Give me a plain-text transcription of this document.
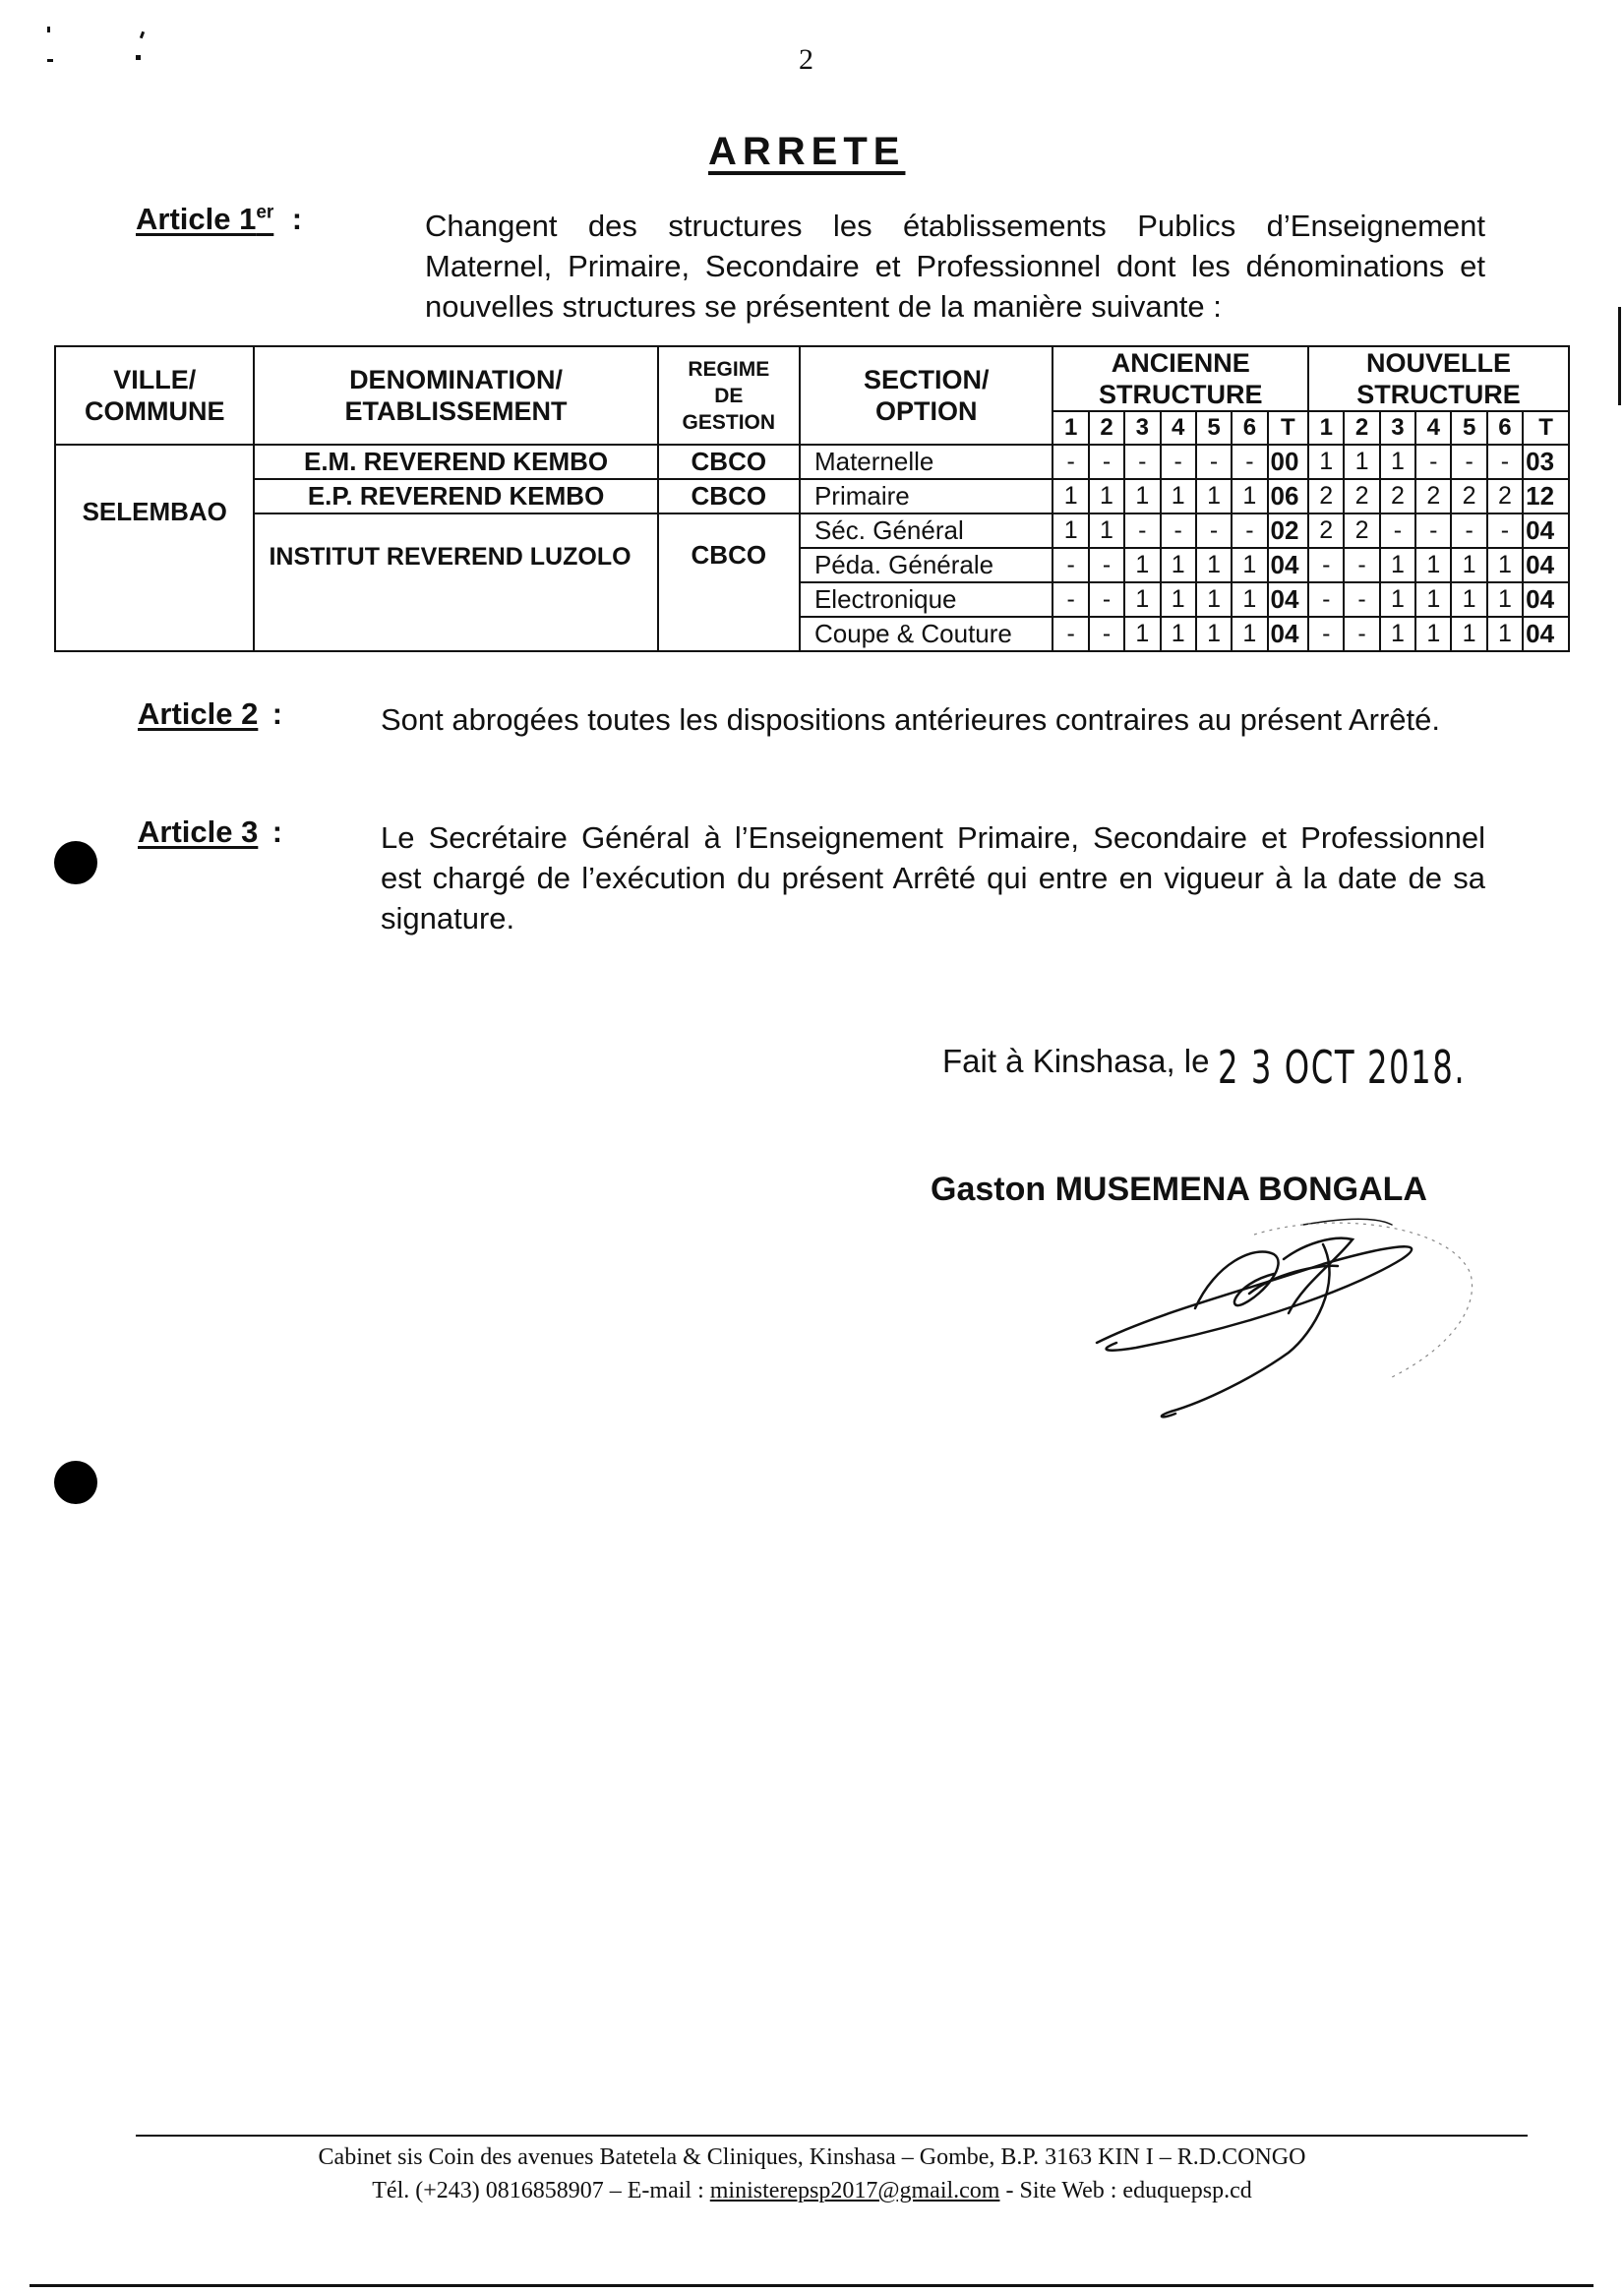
2
ARRETE
Article 1er :	Changent des structures les établissements Publics d’Enseignement Maternel, Primaire, Secondaire et Professionnel dont les dénominations et nouvelles structures se présentent de la manière suivante :
VILLE/ COMMUNE	DENOMINATION/ ETABLISSEMENT	REGIME DE GESTION	SECTION/ OPTION	ANCIENNE STRUCTURE							NOUVELLE STRUCTURE						
				1	2	3	4	5	6	T	1	2	3	4	5	6	T
SELEMBAO	E.M. REVEREND KEMBO	CBCO	Maternelle	-	-	-	-	-	-	00	1	1	1	-	-	-	03
	E.P. REVEREND KEMBO	CBCO	Primaire	1	1	1	1	1	1	06	2	2	2	2	2	2	12
	INSTITUT REVEREND LUZOLO	CBCO	Séc. Général	1	1	-	-	-	-	02	2	2	-	-	-	-	04
			Péda. Générale	-	-	1	1	1	1	04	-	-	1	1	1	1	04
			Electronique	-	-	1	1	1	1	04	-	-	1	1	1	1	04
			Coupe & Couture	-	-	1	1	1	1	04	-	-	1	1	1	1	04
Article 2 :	Sont abrogées toutes les dispositions antérieures contraires au présent Arrêté.
Article 3 :	Le Secrétaire Général à l’Enseignement Primaire, Secondaire et Professionnel est chargé de l’exécution du présent Arrêté qui entre en vigueur à la date de sa signature.
Fait à Kinshasa, le 2 3 OCT 2018.
Gaston MUSEMENA BONGALA
Cabinet sis Coin des avenues Batetela & Cliniques, Kinshasa – Gombe, B.P. 3163 KIN I – R.D.CONGO
Tél. (+243) 0816858907 – E-mail : ministerepsp2017@gmail.com - Site Web : eduquepsp.cd
